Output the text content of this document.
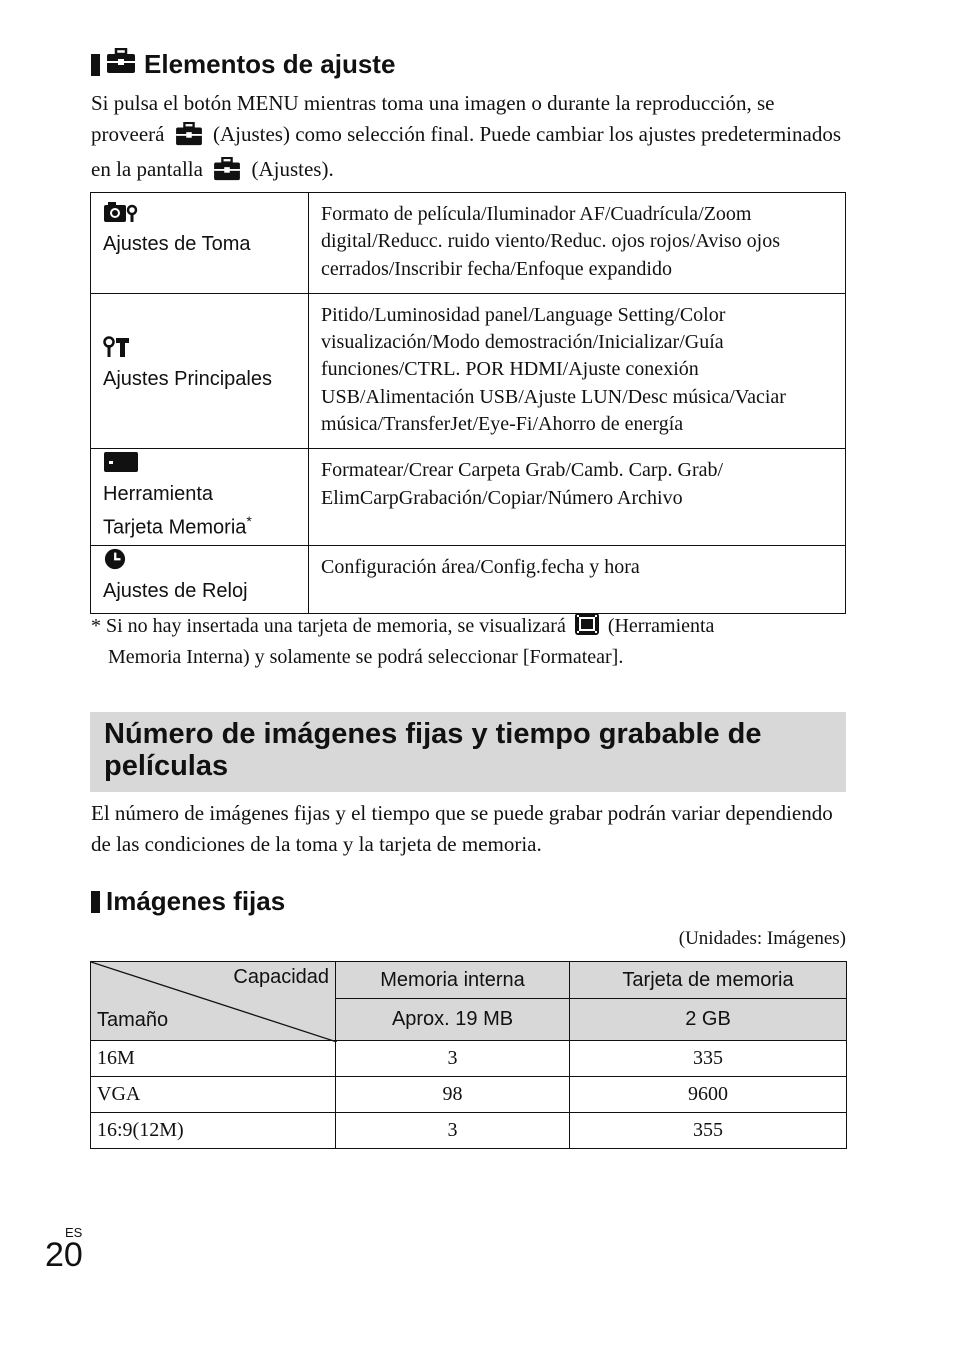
Elementos de ajuste
Si pulsa el botón MENU mientras toma una imagen o durante la reproducción, se proveerá (Ajustes) como selección final. Puede cambiar los ajustes predeterminados en la pantalla (Ajustes).
Ajustes de Toma	Formato de película/Iluminador AF/Cuadrícula/Zoom digital/Reducc. ruido viento/Reduc. ojos rojos/Aviso ojos cerrados/Inscribir fecha/Enfoque expandido

Ajustes Principales	Pitido/Luminosidad panel/Language Setting/Color visualización/Modo demostración/Inicializar/Guía funciones/CTRL. POR HDMI/Ajuste conexión USB/Alimentación USB/Ajuste LUN/Desc música/Vaciar música/TransferJet/Eye-Fi/Ahorro de energía

Herramienta
Tarjeta Memoria*	Formatear/Crear Carpeta Grab/Camb. Carp. Grab/ ElimCarpGrabación/Copiar/Número Archivo

Ajustes de Reloj	Configuración área/Config.fecha y hora
* Si no hay insertada una tarjeta de memoria, se visualizará (Herramienta
Memoria Interna) y solamente se podrá seleccionar [Formatear].
Número de imágenes fijas y tiempo grabable de
películas
El número de imágenes fijas y el tiempo que se puede grabar podrán variar dependiendo de las condiciones de la toma y la tarjeta de memoria.
Imágenes fijas
(Unidades: Imágenes)
Capacidad
Tamaño	Memoria interna	Tarjeta de memoria
	Aprox. 19 MB	2 GB
16M	3	335
VGA	98	9600
16:9(12M)	3	355
ES
20
